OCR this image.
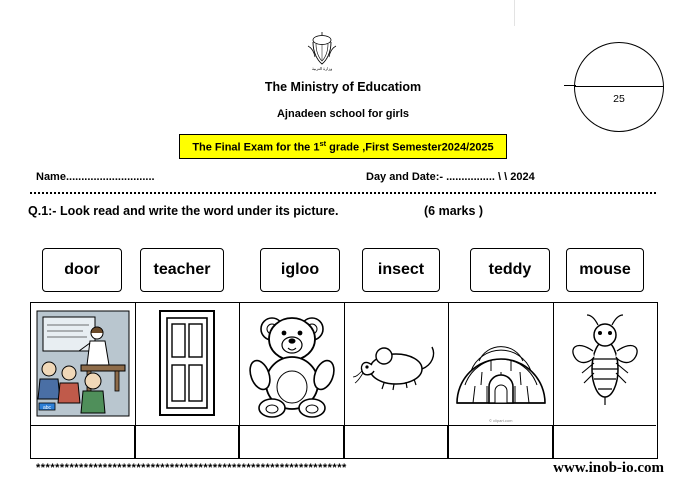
وزارة التربية
The Ministry of Educatiom
Ajnadeen school for girls
The Final Exam for the 1st grade ,First Semester2024/2025
25
Name.............................	Day and Date:- ................ \ \ 2024
Q.1:- Look read and write the word under its picture.	(6 marks )
door	teacher	igloo	insect	teddy	mouse
abc
© clipart.com
*****************************************************************	www.inob-io.com
